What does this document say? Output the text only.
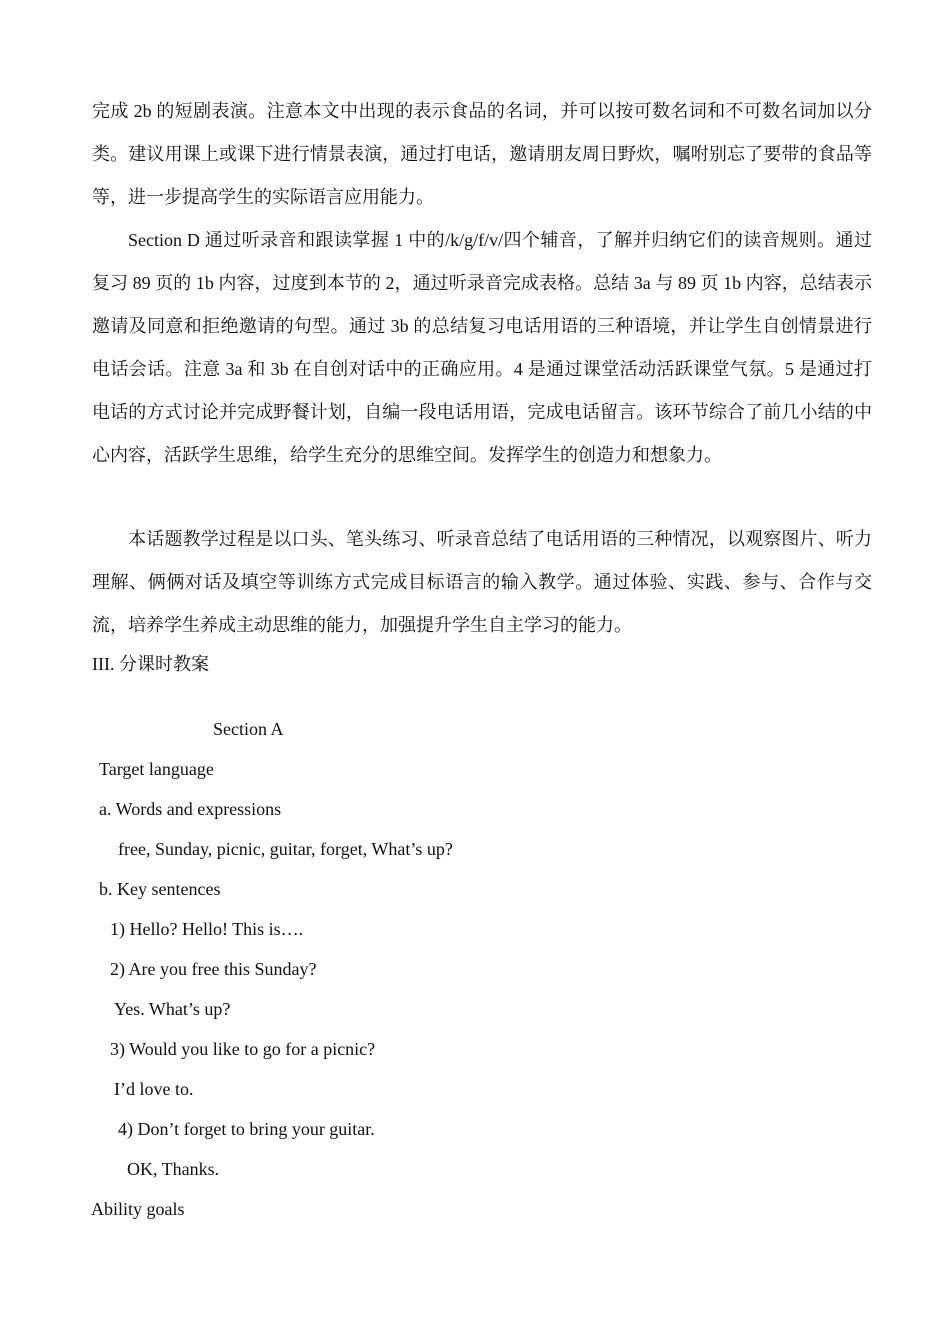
完成 2b 的短剧表演。注意本文中出现的表示食品的名词，并可以按可数名词和不可数名词加以分类。建议用课上或课下进行情景表演，通过打电话，邀请朋友周日野炊，嘱咐别忘了要带的食品等等，进一步提高学生的实际语言应用能力。

Section D 通过听录音和跟读掌握 1 中的/k/g/f/v/四个辅音，了解并归纳它们的读音规则。通过复习 89 页的 1b 内容，过度到本节的 2，通过听录音完成表格。总结 3a 与 89 页 1b 内容，总结表示邀请及同意和拒绝邀请的句型。通过 3b 的总结复习电话用语的三种语境，并让学生自创情景进行电话会话。注意 3a 和 3b 在自创对话中的正确应用。4 是通过课堂活动活跃课堂气氛。5 是通过打电话的方式讨论并完成野餐计划，自编一段电话用语，完成电话留言。该环节综合了前几小结的中心内容，活跃学生思维，给学生充分的思维空间。发挥学生的创造力和想象力。

本话题教学过程是以口头、笔头练习、听录音总结了电话用语的三种情况，以观察图片、听力理解、俩俩对话及填空等训练方式完成目标语言的输入教学。通过体验、实践、参与、合作与交流，培养学生养成主动思维的能力，加强提升学生自主学习的能力。

III. 分课时教案

Section A

Target language

a. Words and expressions

free, Sunday, picnic, guitar, forget, What’s up?

b. Key sentences

1) Hello? Hello! This is….

2) Are you free this Sunday?

Yes. What’s up?

3) Would you like to go for a picnic?

I’d love to.

4) Don’t forget to bring your guitar.

OK, Thanks.

Ability goals
